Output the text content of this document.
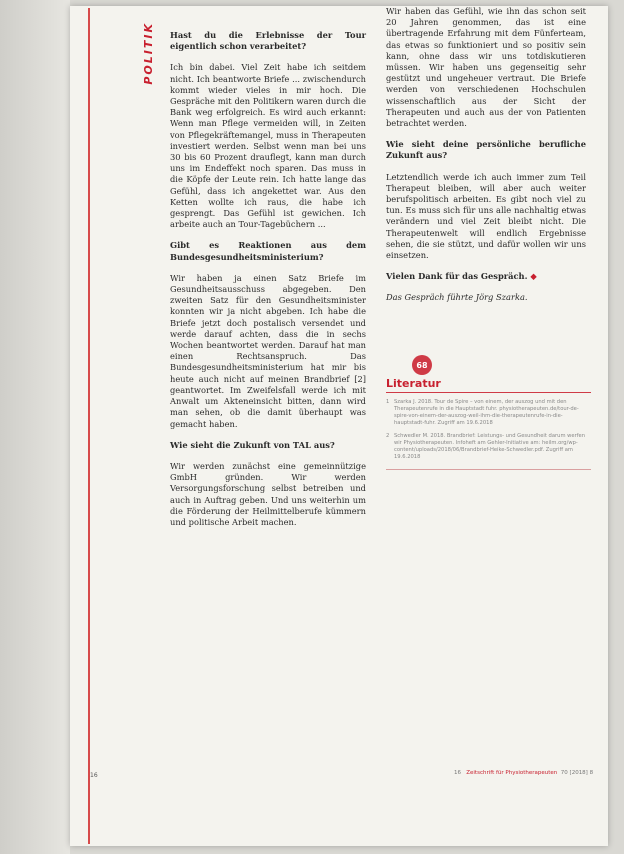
POLITIK Hast du die Erlebnisse der Tour eigentlich schon verarbeitet?

Ich bin dabei. Viel Zeit habe ich seitdem nicht. Ich beantworte Briefe ... zwischendurch kommt wieder vieles in mir hoch. Die Gespräche mit den Politikern waren durch die Bank weg erfolgreich. Es wird auch erkannt: Wenn man Pflege vermeiden will, in Zeiten von Pflegekräftemangel, muss in Therapeuten investiert werden. Selbst wenn man bei uns 30 bis 60 Prozent drauflegt, kann man durch uns im Endeffekt noch sparen. Das muss in die Köpfe der Leute rein. Ich hatte lange das Gefühl, dass ich angekettet war. Aus den Ketten wollte ich raus, die habe ich gesprengt. Das Gefühl ist gewichen. Ich arbeite auch an Tour-Tagebüchern ...

Gibt es Reaktionen aus dem Bundesgesundheitsministerium?

Wir haben ja einen Satz Briefe im Gesundheitsausschuss abgegeben. Den zweiten Satz für den Gesundheitsminister konnten wir ja nicht abgeben. Ich habe die Briefe jetzt doch postalisch versendet und werde darauf achten, dass die in sechs Wochen beantwortet werden. Darauf hat man einen Rechtsanspruch. Das Bundesgesundheitsministerium hat mir bis heute auch nicht auf meinen Brandbrief [2] geantwortet. Im Zweifelsfall werde ich mit Anwalt um Akteneinsicht bitten, dann wird man sehen, ob die damit überhaupt was gemacht haben.

Wie sieht die Zukunft von TAL aus?

Wir werden zunächst eine gemeinnützige GmbH gründen. Wir werden Versorgungsforschung selbst betreiben und auch in Auftrag geben. Und uns weiterhin um die Förderung der Heilmittelberufe kümmern und politische Arbeit machen.

Wir haben das Gefühl, wie ihn das schon seit 20 Jahren genommen, das ist eine übertragende Erfahrung mit dem Fünferteam, das etwas so funktioniert und so positiv sein kann, ohne dass wir uns totdiskutieren müssen. Wir haben uns gegenseitig sehr gestützt und ungeheuer vertraut. Die Briefe werden von verschiedenen Hochschulen wissenschaftlich aus der Sicht der Therapeuten und auch aus der von Patienten betrachtet werden.

Wie sieht deine persönliche berufliche Zukunft aus?

Letztendlich werde ich auch immer zum Teil Therapeut bleiben, will aber auch weiter berufspolitisch arbeiten. Es gibt noch viel zu tun. Es muss sich für uns alle nachhaltig etwas verändern und viel Zeit bleibt nicht. Die Therapeutenwelt will endlich Ergebnisse sehen, die sie stützt, und dafür wollen wir uns einsetzen.

Vielen Dank für das Gespräch. ◆

Das Gespräch führte Jörg Szarka.

68
Literatur
1 Szarka J. 2018. Tour de Spire – von einem, der auszog und mit den Therapeutenrufe in die Hauptstadt fuhr. physiotherapeuten.de/tour-de-spire-von-einem-der-auszog-weil-ihm-die-therapeutenrufe-in-die-hauptstadt-fuhr. Zugriff am 19.6.2018
2 Schwedler M. 2018. Brandbrief: Leistungs- und Gesundheit darum werfen wir Physiotherapeuten. Infoheft am Gehler-Initiative am: heilm.org/wp-content/uploads/2018/06/Brandbrief-Heike-Schwedler.pdf. Zugriff am 19.6.2018
16	16 Zeitschrift für Physiotherapeuten 70 [2018] 8
